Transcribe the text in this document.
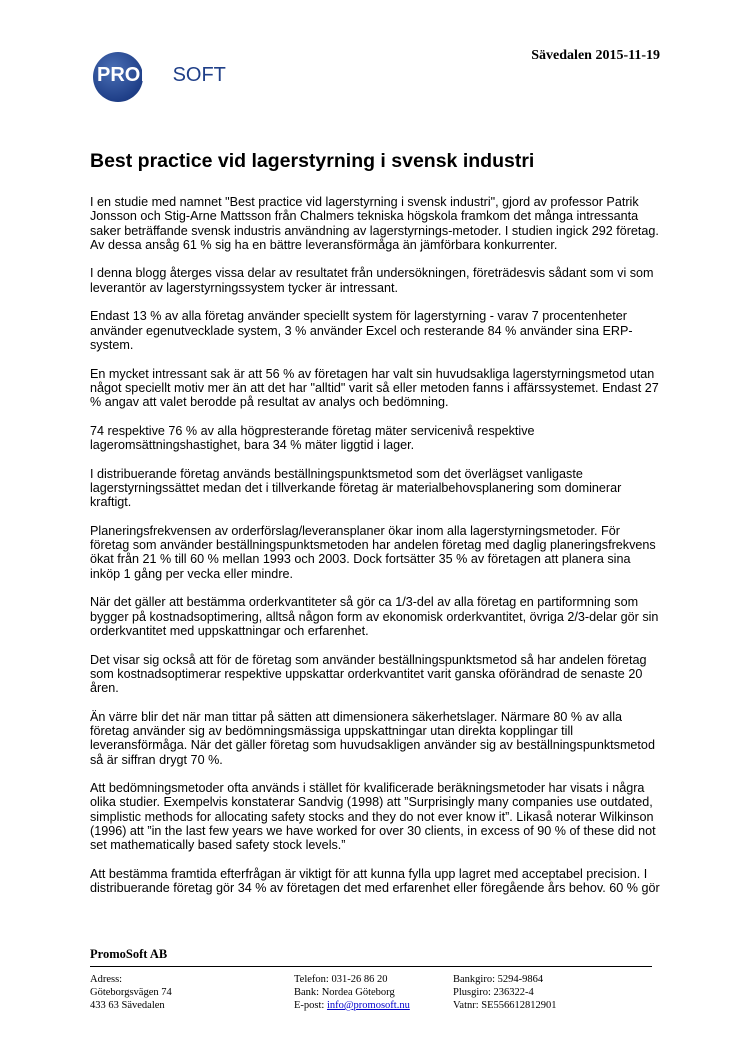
PROMOSOFT
Sävedalen 2015-11-19
Best practice vid lagerstyrning i svensk industri

I en studie med namnet "Best practice vid lagerstyrning i svensk industri", gjord av professor Patrik Jonsson och Stig-Arne Mattsson från Chalmers tekniska högskola framkom det många intressanta saker beträffande svensk industris användning av lagerstyrnings-metoder. I studien ingick 292 företag. Av dessa ansåg 61 % sig ha en bättre leveransförmåga än jämförbara konkurrenter.

I denna blogg återges vissa delar av resultatet från undersökningen, företrädesvis sådant som vi som leverantör av lagerstyrningssystem tycker är intressant.

Endast 13 % av alla företag använder speciellt system för lagerstyrning - varav 7 procentenheter använder egenutvecklade system, 3 % använder Excel och resterande 84 % använder sina ERP-system.

En mycket intressant sak är att 56 % av företagen har valt sin huvudsakliga lagerstyrningsmetod utan något speciellt motiv mer än att det har "alltid" varit så eller metoden fanns i affärssystemet. Endast 27 % angav att valet berodde på resultat av analys och bedömning.

74 respektive 76 % av alla högpresterande företag mäter servicenivå respektive lageromsättningshastighet, bara 34 % mäter liggtid i lager.

I distribuerande företag används beställningspunktsmetod som det överlägset vanligaste lagerstyrningssättet medan det i tillverkande företag är materialbehovsplanering som dominerar kraftigt.

Planeringsfrekvensen av orderförslag/leveransplaner ökar inom alla lagerstyrningsmetoder. För företag som använder beställningspunktsmetoden har andelen företag med daglig planeringsfrekvens ökat från 21 % till 60 % mellan 1993 och 2003. Dock fortsätter 35 % av företagen att planera sina inköp 1 gång per vecka eller mindre.

När det gäller att bestämma orderkvantiteter så gör ca 1/3-del av alla företag en partiformning som bygger på kostnadsoptimering, alltså någon form av ekonomisk orderkvantitet, övriga 2/3-delar gör sin orderkvantitet med uppskattningar och erfarenhet.

Det visar sig också att för de företag som använder beställningspunktsmetod så har andelen företag som kostnadsoptimerar respektive uppskattar orderkvantitet varit ganska oförändrad de senaste 20 åren.

Än värre blir det när man tittar på sätten att dimensionera säkerhetslager. Närmare 80 % av alla företag använder sig av bedömningsmässiga uppskattningar utan direkta kopplingar till leveransförmåga. När det gäller företag som huvudsakligen använder sig av beställningspunktsmetod så är siffran drygt 70 %.

Att bedömningsmetoder ofta används i stället för kvalificerade beräkningsmetoder har visats i några olika studier. Exempelvis konstaterar Sandvig (1998) att ”Surprisingly many companies use outdated, simplistic methods for allocating safety stocks and they do not ever know it”. Likaså noterar Wilkinson (1996) att ”in the last few years we have worked for over 30 clients, in excess of 90 % of these did not set mathematically based safety stock levels.”

Att bestämma framtida efterfrågan är viktigt för att kunna fylla upp lagret med acceptabel precision. I distribuerande företag gör 34 % av företagen det med erfarenhet eller föregående års behov. 60 % gör

PromoSoft AB
Adress:
Göteborgsvägen 74
433 63 Sävedalen
Telefon: 031-26 86 20
Bank: Nordea Göteborg
E-post: info@promosoft.nu
Bankgiro: 5294-9864
Plusgiro: 236322-4
Vatnr: SE556612812901
